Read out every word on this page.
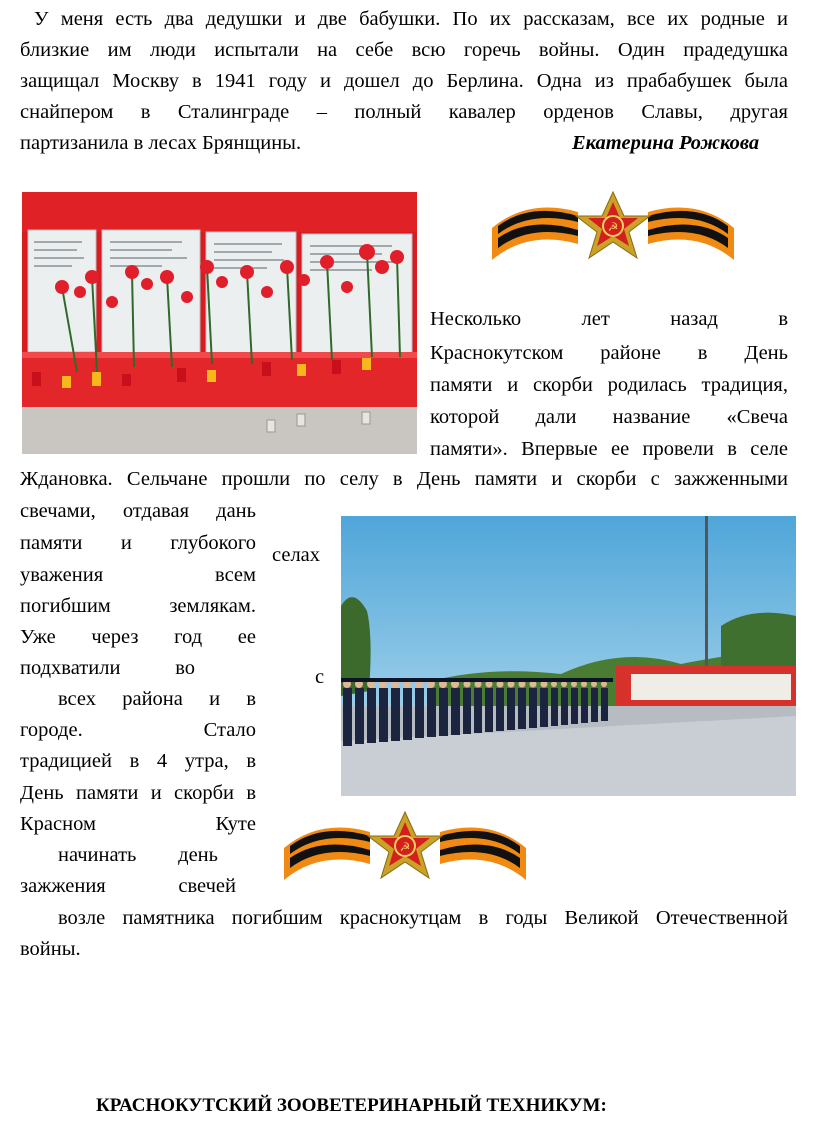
У меня есть два дедушки и две бабушки. По их рассказам, все их родные и
близкие им люди испытали на себе всю горечь войны. Один прадедушка
защищал Москву в 1941 году и дошел до Берлина. Одна из прабабушек была
снайпером в Сталинграде – полный кавалер орденов Славы, другая
партизанила в лесах Брянщины.	Екатерина Рожкова
☭
Несколько лет назад в
Краснокутском районе в День
памяти и скорби родилась традиция,
которой дали название «Свеча
памяти». Впервые ее провели в селе
Ждановка. Сельчане прошли по селу в День памяти и скорби с зажженными
свечами, отдавая дань
памяти и глубокого
уважения всем
погибшим землякам.
Уже через год ее
подхватили во
всех района и в
городе. Стало
традицией в 4 утра, в
День памяти и скорби в
Красном Куте
начинать день
зажжения свечей
селах
с
☭
возле памятника погибшим краснокутцам в годы Великой Отечественной
войны.
КРАСНОКУТСКИЙ ЗООВЕТЕРИНАРНЫЙ ТЕХНИКУМ:
